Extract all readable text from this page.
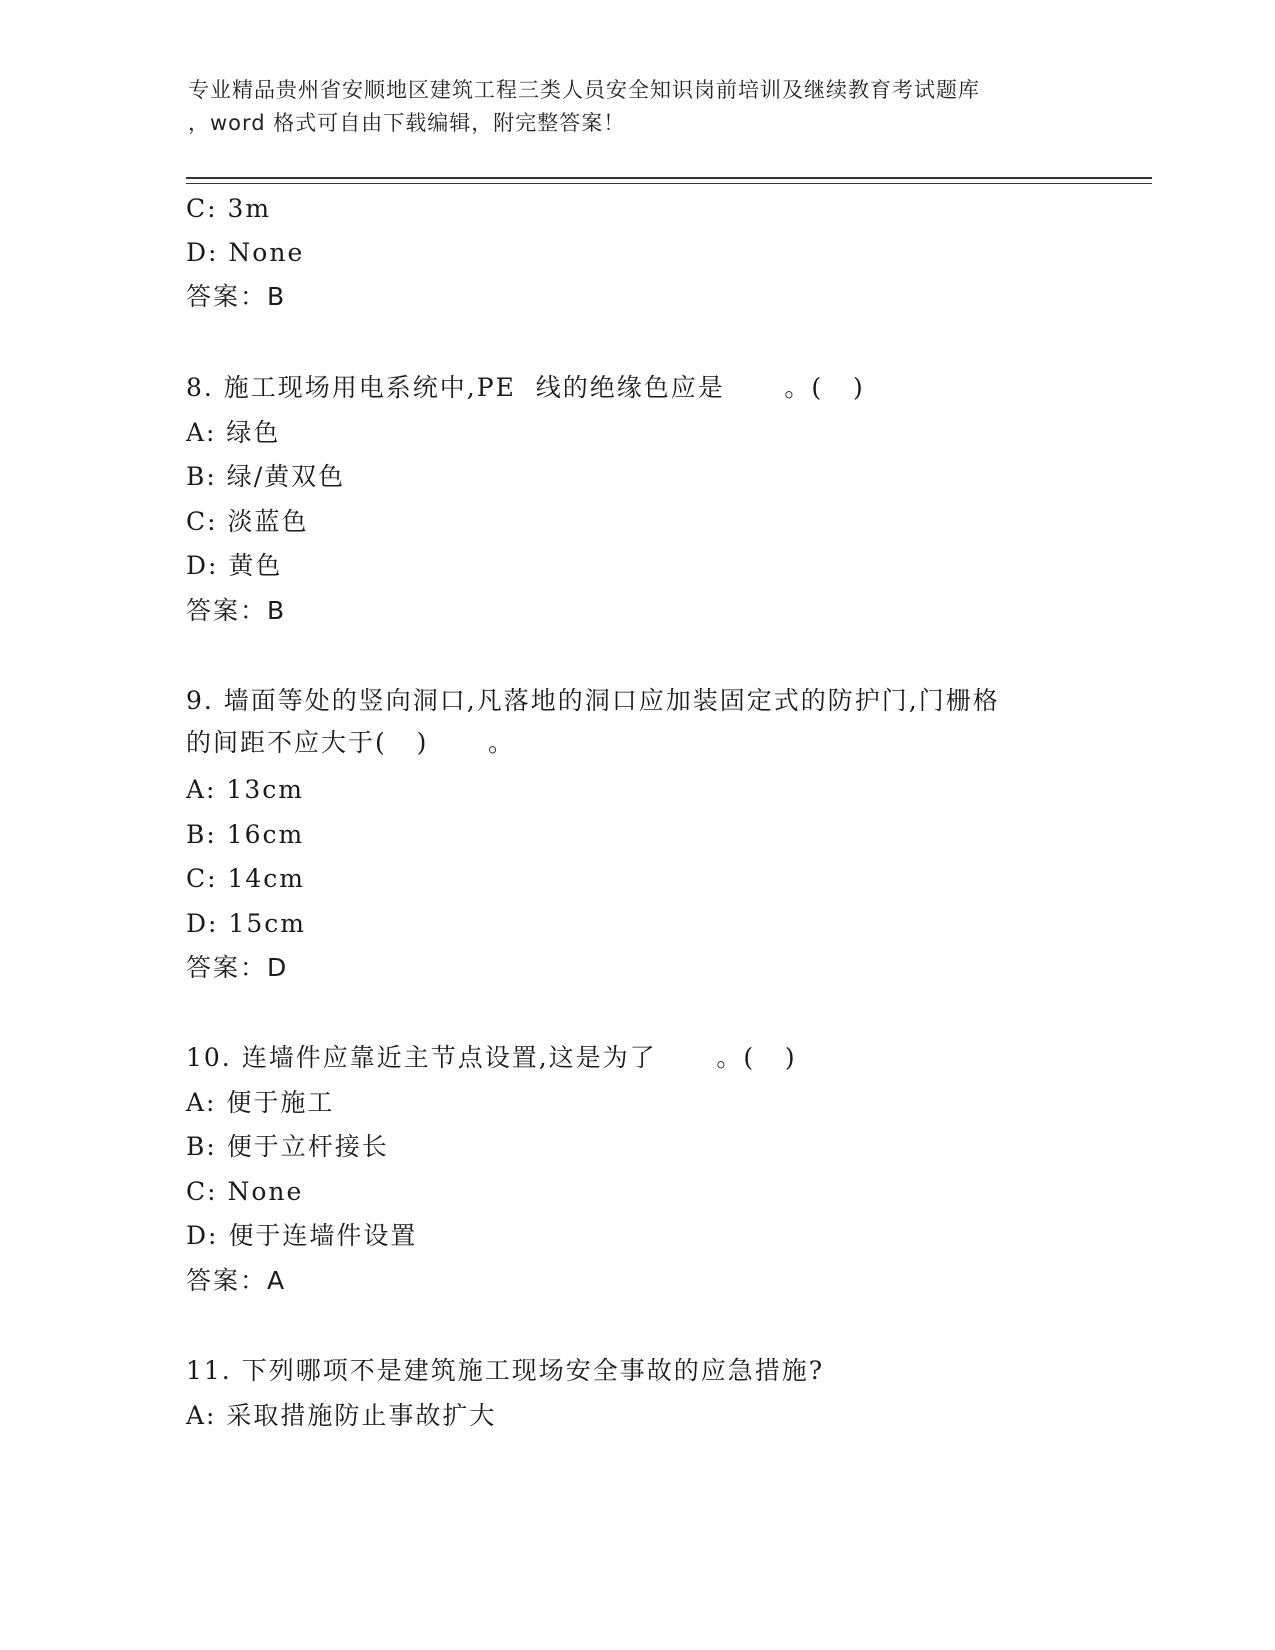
专业精品贵州省安顺地区建筑工程三类人员安全知识岗前培训及继续教育考试题库
，word 格式可自由下载编辑，附完整答案！
C: 3m
D: None
答案：B
8. 施工现场用电系统中,PE  线的绝缘色应是      。(   )
A: 绿色
B: 绿/黄双色
C: 淡蓝色
D: 黄色
答案：B
9. 墙面等处的竖向洞口,凡落地的洞口应加装固定式的防护门,门栅格
的间距不应大于(   )      。
A: 13cm
B: 16cm
C: 14cm
D: 15cm
答案：D
10. 连墙件应靠近主节点设置,这是为了      。(   )
A: 便于施工
B: 便于立杆接长
C: None
D: 便于连墙件设置
答案：A
11. 下列哪项不是建筑施工现场安全事故的应急措施?
A: 采取措施防止事故扩大
